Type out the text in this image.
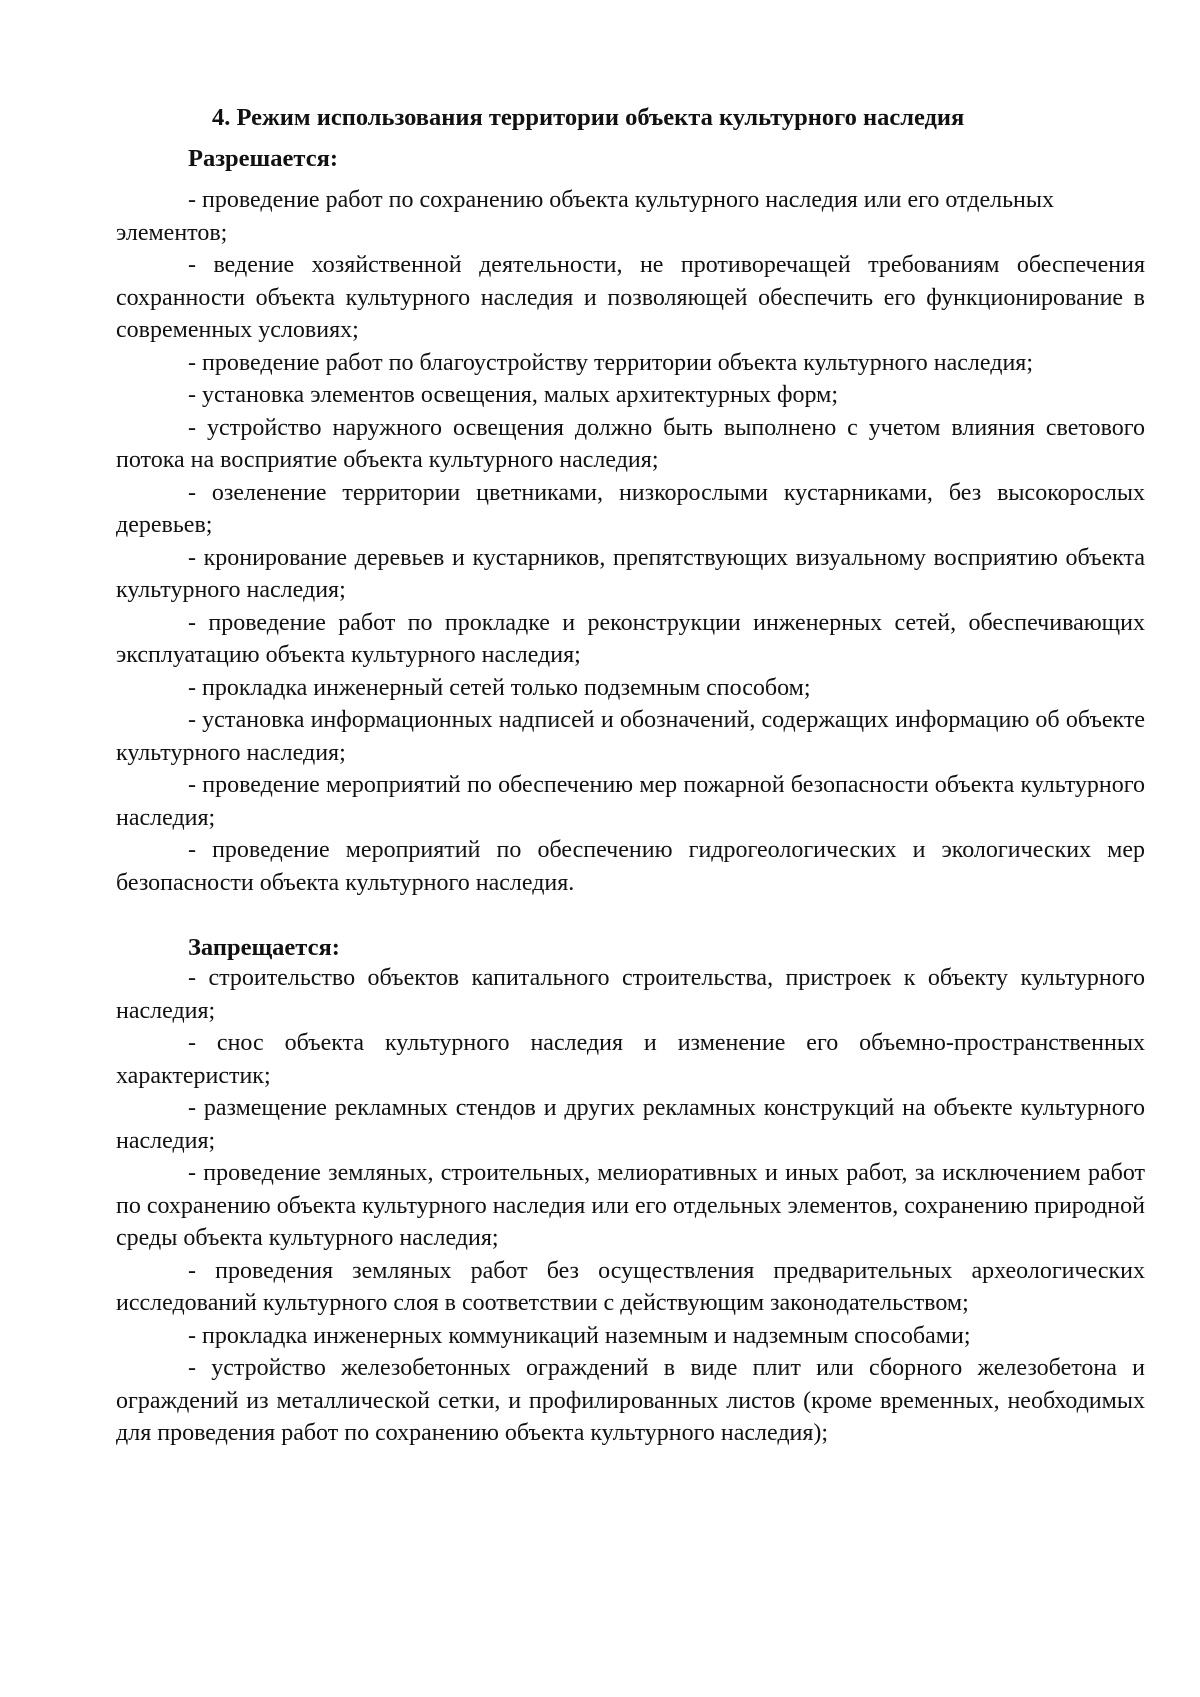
4. Режим использования территории объекта культурного наследия
Разрешается:

- проведение работ по сохранению объекта культурного наследия или его отдельных
элементов;

- ведение хозяйственной деятельности, не противоречащей требованиям обеспечения сохранности объекта культурного наследия и позволяющей обеспечить его функционирование в современных условиях;

- проведение работ по благоустройству территории объекта культурного наследия;

- установка элементов освещения, малых архитектурных форм;

- устройство наружного освещения должно быть выполнено с учетом влияния светового потока на восприятие объекта культурного наследия;

- озеленение территории цветниками, низкорослыми кустарниками, без высокорослых деревьев;

- кронирование деревьев и кустарников, препятствующих визуальному восприятию объекта культурного наследия;

- проведение работ по прокладке и реконструкции инженерных сетей, обеспечивающих эксплуатацию объекта культурного наследия;

- прокладка инженерный сетей только подземным способом;

- установка информационных надписей и обозначений, содержащих информацию об объекте культурного наследия;

- проведение мероприятий по обеспечению мер пожарной безопасности объекта культурного наследия;

- проведение мероприятий по обеспечению гидрогеологических и экологических мер безопасности объекта культурного наследия.

Запрещается:

- строительство объектов капитального строительства, пристроек к объекту культурного наследия;

- снос объекта культурного наследия и изменение его объемно-пространственных характеристик;

- размещение рекламных стендов и других рекламных конструкций на объекте культурного наследия;

- проведение земляных, строительных, мелиоративных и иных работ, за исключением работ по сохранению объекта культурного наследия или его отдельных элементов, сохранению природной среды объекта культурного наследия;

- проведения земляных работ без осуществления предварительных археологических исследований культурного слоя в соответствии с действующим законодательством;

- прокладка инженерных коммуникаций наземным и надземным способами;

- устройство железобетонных ограждений в виде плит или сборного железобетона и ограждений из металлической сетки, и профилированных листов (кроме временных, необходимых для проведения работ по сохранению объекта культурного наследия);
